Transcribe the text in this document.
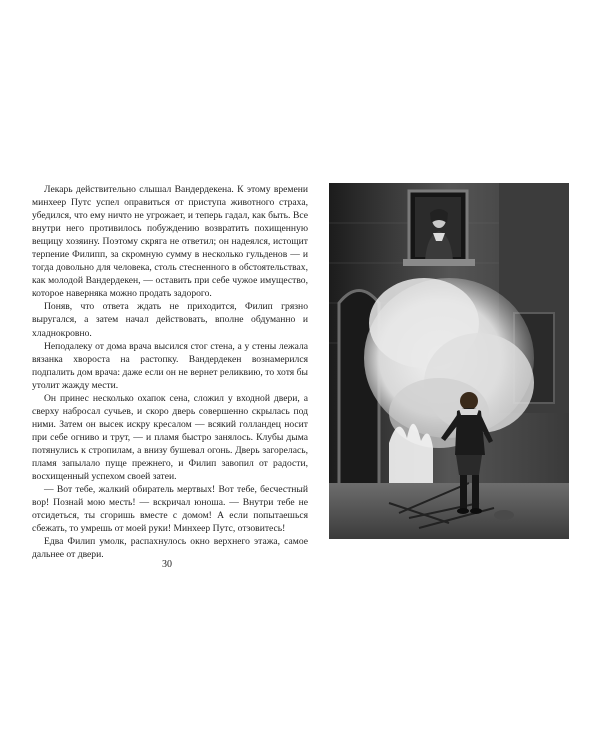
Лекарь действительно слышал Вандердекена. К этому времени минхеер Путс успел оправиться от приступа животного страха, убедился, что ему ничто не угрожает, и теперь гадал, как быть. Все внутри него противилось побуждению возвратить похищенную вещицу хозяину. Поэтому скряга не ответил; он надеялся, истощит терпение Филипп, за скромную сумму в несколько гульденов — и тогда довольно для человека, столь стесненного в обстоятельствах, как молодой Вандердекен, — оставить при себе чужое имущество, которое наверняка можно продать задорого.

Поняв, что ответа ждать не приходится, Филип грязно выругался, а затем начал действовать, вполне обдуманно и хладнокровно.

Неподалеку от дома врача высился стог стена, а у стены лежала вязанка хвороста на растопку. Вандердекен вознамерился подпалить дом врача: даже если он не вернет реликвию, то хотя бы утолит жажду мести.

Он принес несколько охапок сена, сложил у входной двери, а сверху набросал сучьев, и скоро дверь совершенно скрылась под ними. Затем он высек искру кресалом — всякий голландец носит при себе огниво и трут, — и пламя быстро занялось. Клубы дыма потянулись к стропилам, а внизу бушевал огонь. Дверь загорелась, пламя запылало пуще прежнего, и Филип завопил от радости, восхищенный успехом своей затеи.

— Вот тебе, жалкий обиратель мертвых! Вот тебе, бесчестный вор! Познай мою месть! — вскричал юноша. — Внутри тебе не отсидеться, ты сгоришь вместе с домом! А если попытаешься сбежать, то умрешь от моей руки! Минхеер Путс, отзовитесь!

Едва Филип умолк, распахнулось окно верхнего этажа, самое дальнее от двери.

30
